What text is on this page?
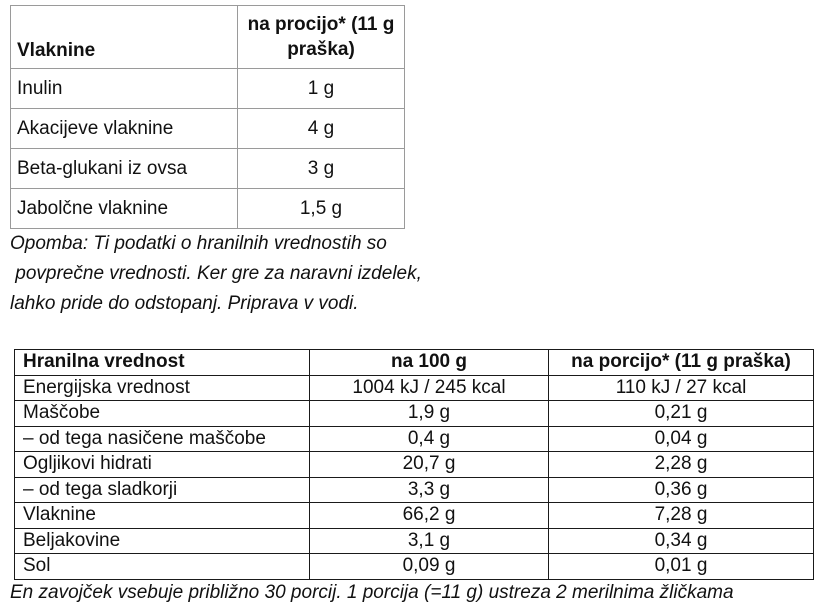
Vlaknine	na procijo* (11 g praška)
Inulin	1 g
Akacijeve vlaknine	4 g
Beta-glukani iz ovsa	3 g
Jabolčne vlaknine	1,5 g
Opomba: Ti podatki o hranilnih vrednostih so
povprečne vrednosti. Ker gre za naravni izdelek,
lahko pride do odstopanj. Priprava v vodi.
Hranilna vrednost	na 100 g	na porcijo* (11 g praška)
Energijska vrednost	1004 kJ / 245 kcal	110 kJ / 27 kcal
Maščobe	1,9 g	0,21 g
– od tega nasičene maščobe	0,4 g	0,04 g
Ogljikovi hidrati	20,7 g	2,28 g
– od tega sladkorji	3,3 g	0,36 g
Vlaknine	66,2 g	7,28 g
Beljakovine	3,1 g	0,34 g
Sol	0,09 g	0,01 g
En zavojček vsebuje približno 30 porcij. 1 porcija (=11 g) ustreza 2 merilnima žličkama
